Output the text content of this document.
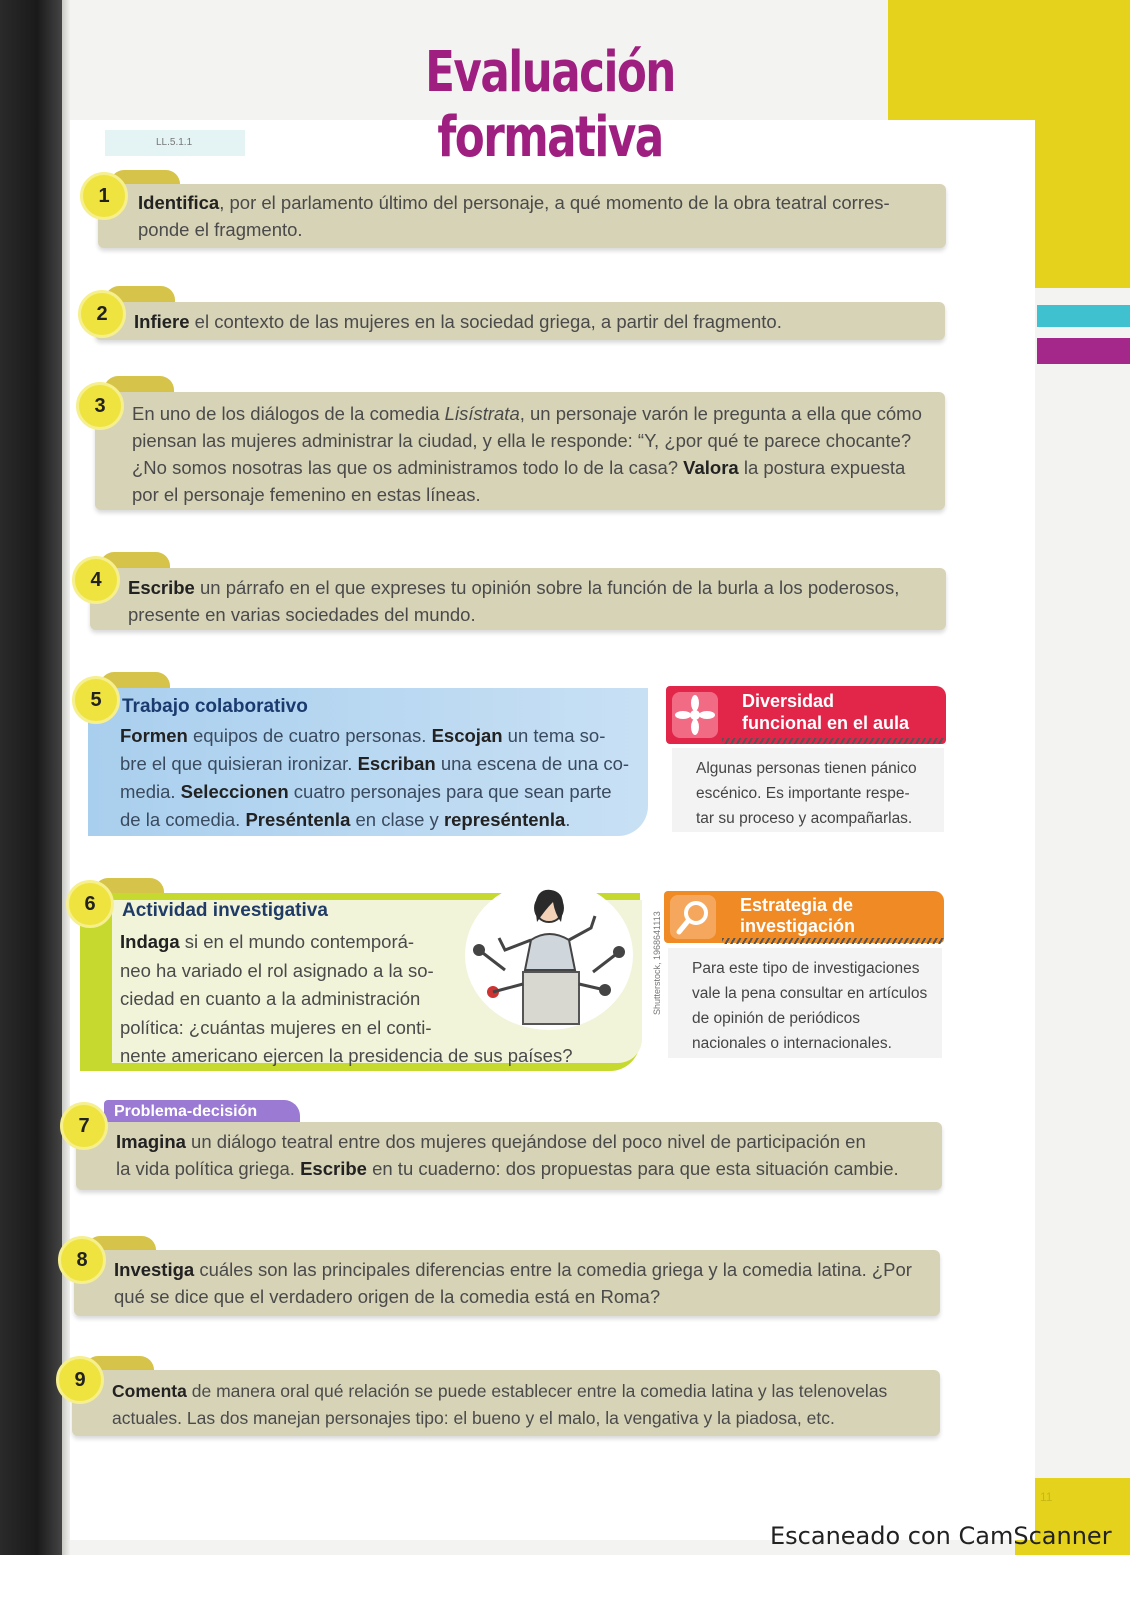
11
Evaluación formativa
LL.5.1.1
1	Identifica, por el parlamento último del personaje, a qué momento de la obra teatral corres-
ponde el fragmento.
2	Infiere el contexto de las mujeres en la sociedad griega, a partir del fragmento.
3	En uno de los diálogos de la comedia Lisístrata, un personaje varón le pregunta a ella que cómo
piensan las mujeres administrar la ciudad, y ella le responde: “Y, ¿por qué te parece chocante?
¿No somos nosotras las que os administramos todo lo de la casa? Valora la postura expuesta
por el personaje femenino en estas líneas.
4	Escribe un párrafo en el que expreses tu opinión sobre la función de la burla a los poderosos,
presente en varias sociedades del mundo.
5	Trabajo colaborativo
Formen equipos de cuatro personas. Escojan un tema so-
bre el que quisieran ironizar. Escriban una escena de una co-
media. Seleccionen cuatro personajes para que sean parte
de la comedia. Preséntenla en clase y represéntenla.
Diversidad
funcional en el aula
Algunas personas tienen pánico
escénico. Es importante respe-
tar su proceso y acompañarlas.
6	Actividad investigativa
Shutterstock, 1968641113
Indaga si en el mundo contemporá-
neo ha variado el rol asignado a la so-
ciedad en cuanto a la administración
política: ¿cuántas mujeres en el conti-
nente americano ejercen la presidencia de sus países?
Estrategia de
investigación
Para este tipo de investigaciones
vale la pena consultar en artículos
de opinión de periódicos
nacionales o internacionales.
Problema-decisión
7
Imagina un diálogo teatral entre dos mujeres quejándose del poco nivel de participación en
la vida política griega. Escribe en tu cuaderno: dos propuestas para que esta situación cambie.
8	Investiga cuáles son las principales diferencias entre la comedia griega y la comedia latina. ¿Por
qué se dice que el verdadero origen de la comedia está en Roma?
9	Comenta de manera oral qué relación se puede establecer entre la comedia latina y las telenovelas
actuales. Las dos manejan personajes tipo: el bueno y el malo, la vengativa y la piadosa, etc.
Escaneado con CamScanner
